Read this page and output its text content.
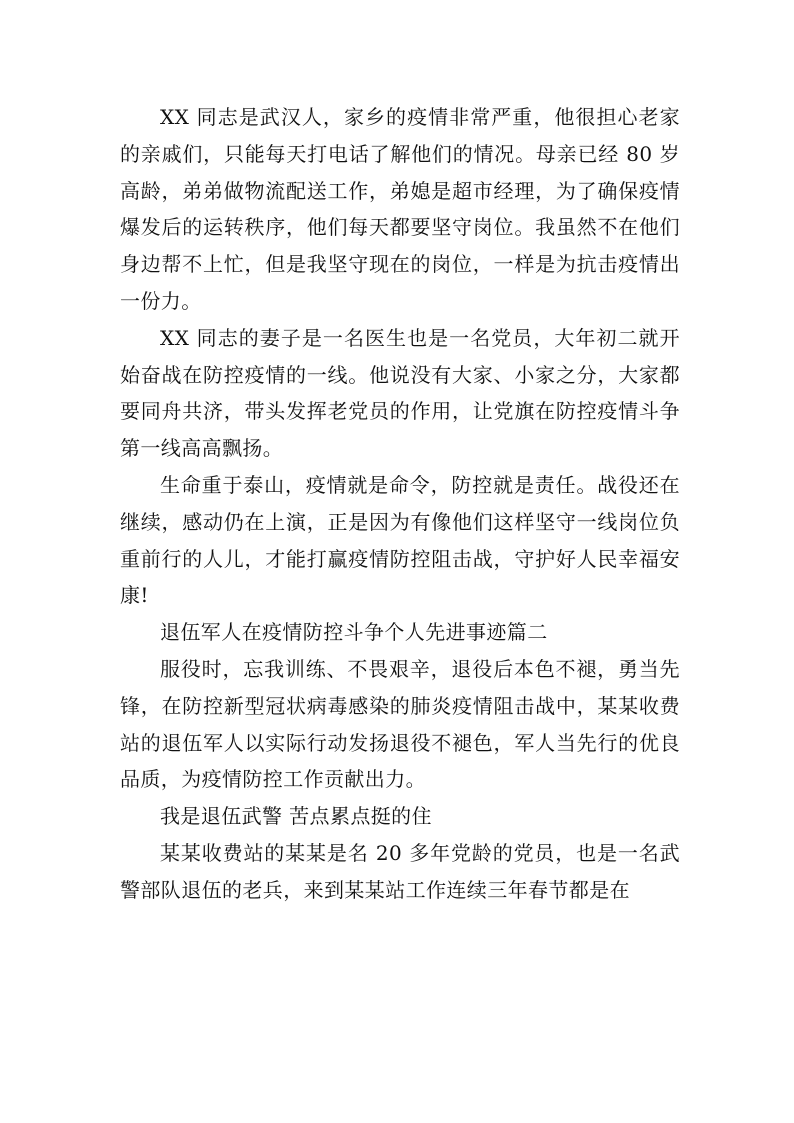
XX 同志是武汉人，家乡的疫情非常严重，他很担心老家的亲戚们，只能每天打电话了解他们的情况。母亲已经 80 岁高龄，弟弟做物流配送工作，弟媳是超市经理，为了确保疫情爆发后的运转秩序，他们每天都要坚守岗位。我虽然不在他们身边帮不上忙，但是我坚守现在的岗位，一样是为抗击疫情出一份力。

XX 同志的妻子是一名医生也是一名党员，大年初二就开始奋战在防控疫情的一线。他说没有大家、小家之分，大家都要同舟共济，带头发挥老党员的作用，让党旗在防控疫情斗争第一线高高飘扬。

生命重于泰山，疫情就是命令，防控就是责任。战役还在继续，感动仍在上演，正是因为有像他们这样坚守一线岗位负重前行的人儿，才能打赢疫情防控阻击战，守护好人民幸福安康!

退伍军人在疫情防控斗争个人先进事迹篇二

服役时，忘我训练、不畏艰辛，退役后本色不褪，勇当先锋，在防控新型冠状病毒感染的肺炎疫情阻击战中，某某收费站的退伍军人以实际行动发扬退役不褪色，军人当先行的优良品质，为疫情防控工作贡献出力。

我是退伍武警 苦点累点挺的住

某某收费站的某某是名 20 多年党龄的党员，也是一名武警部队退伍的老兵，来到某某站工作连续三年春节都是在
